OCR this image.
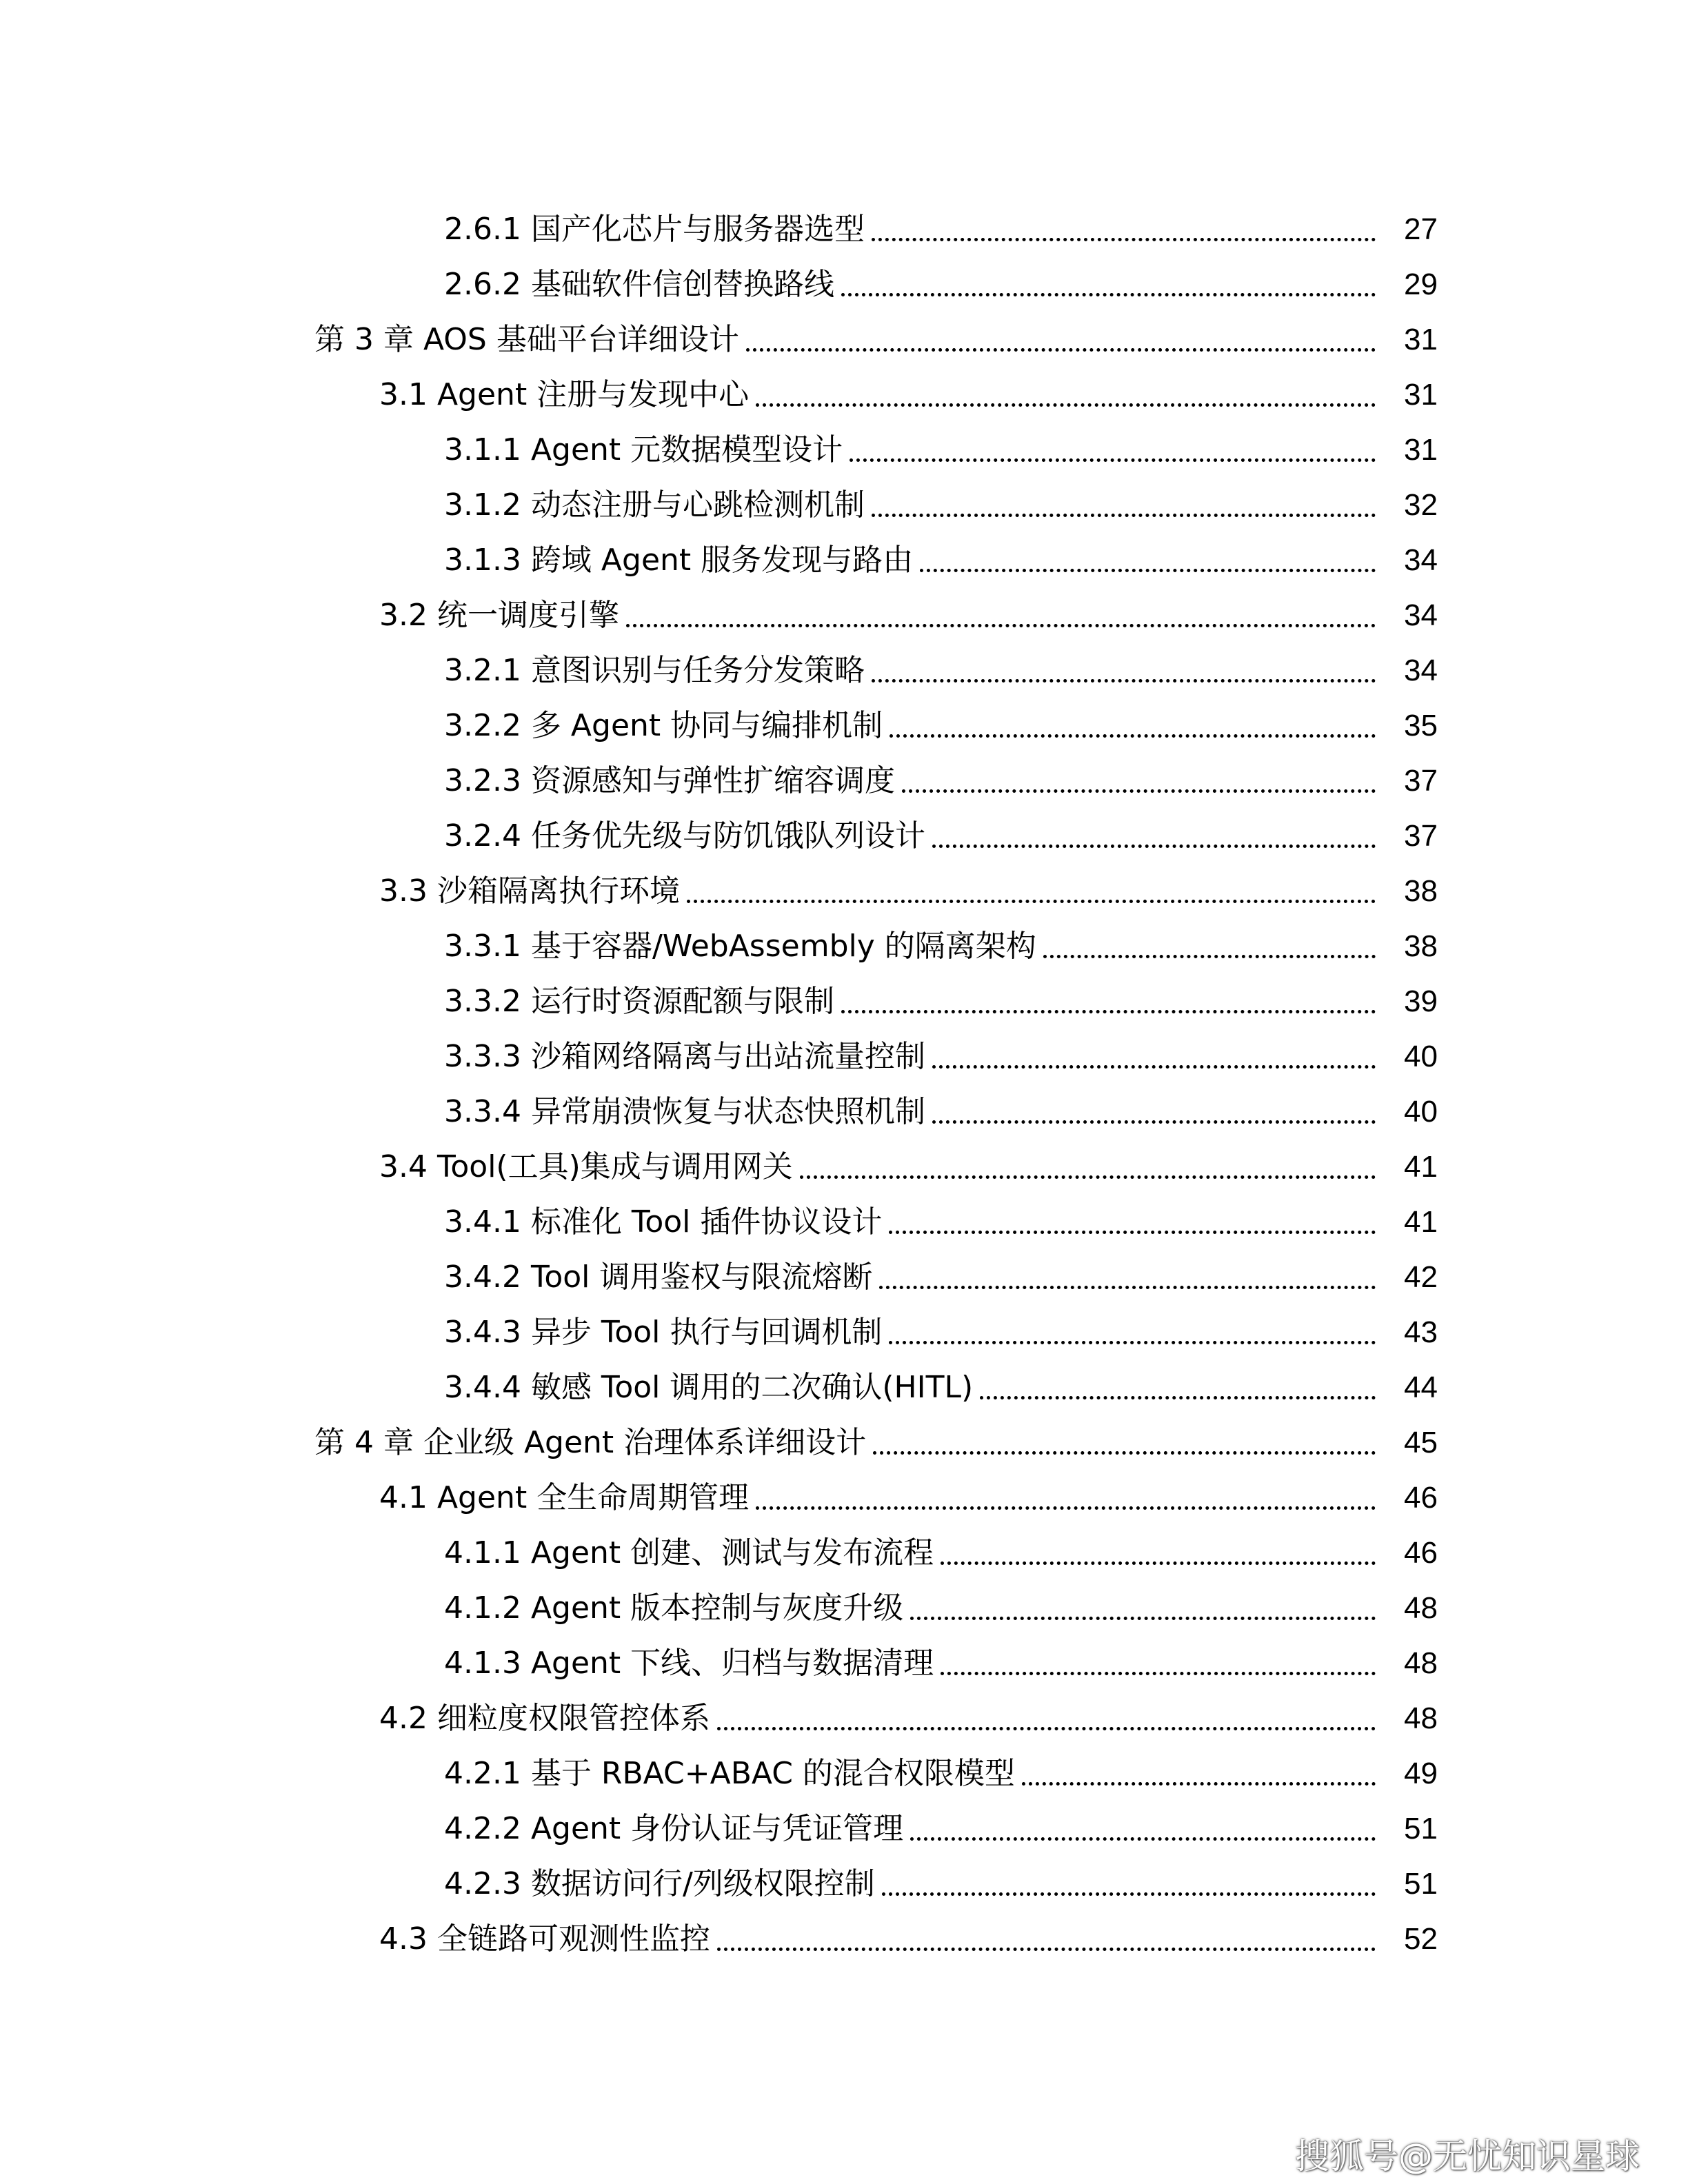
2.6.1 国产化芯片与服务器选型	27
2.6.2 基础软件信创替换路线	29
第 3 章 AOS 基础平台详细设计	31
3.1 Agent 注册与发现中心	31
3.1.1 Agent 元数据模型设计	31
3.1.2 动态注册与心跳检测机制	32
3.1.3 跨域 Agent 服务发现与路由	34
3.2 统一调度引擎	34
3.2.1 意图识别与任务分发策略	34
3.2.2 多 Agent 协同与编排机制	35
3.2.3 资源感知与弹性扩缩容调度	37
3.2.4 任务优先级与防饥饿队列设计	37
3.3 沙箱隔离执行环境	38
3.3.1 基于容器/WebAssembly 的隔离架构	38
3.3.2 运行时资源配额与限制	39
3.3.3 沙箱网络隔离与出站流量控制	40
3.3.4 异常崩溃恢复与状态快照机制	40
3.4 Tool(工具)集成与调用网关	41
3.4.1 标准化 Tool 插件协议设计	41
3.4.2 Tool 调用鉴权与限流熔断	42
3.4.3 异步 Tool 执行与回调机制	43
3.4.4 敏感 Tool 调用的二次确认(HITL)	44
第 4 章 企业级 Agent 治理体系详细设计	45
4.1 Agent 全生命周期管理	46
4.1.1 Agent 创建、测试与发布流程	46
4.1.2 Agent 版本控制与灰度升级	48
4.1.3 Agent 下线、归档与数据清理	48
4.2 细粒度权限管控体系	48
4.2.1 基于 RBAC+ABAC 的混合权限模型	49
4.2.2 Agent 身份认证与凭证管理	51
4.2.3 数据访问行/列级权限控制	51
4.3 全链路可观测性监控	52
搜狐号@无忧知识星球
